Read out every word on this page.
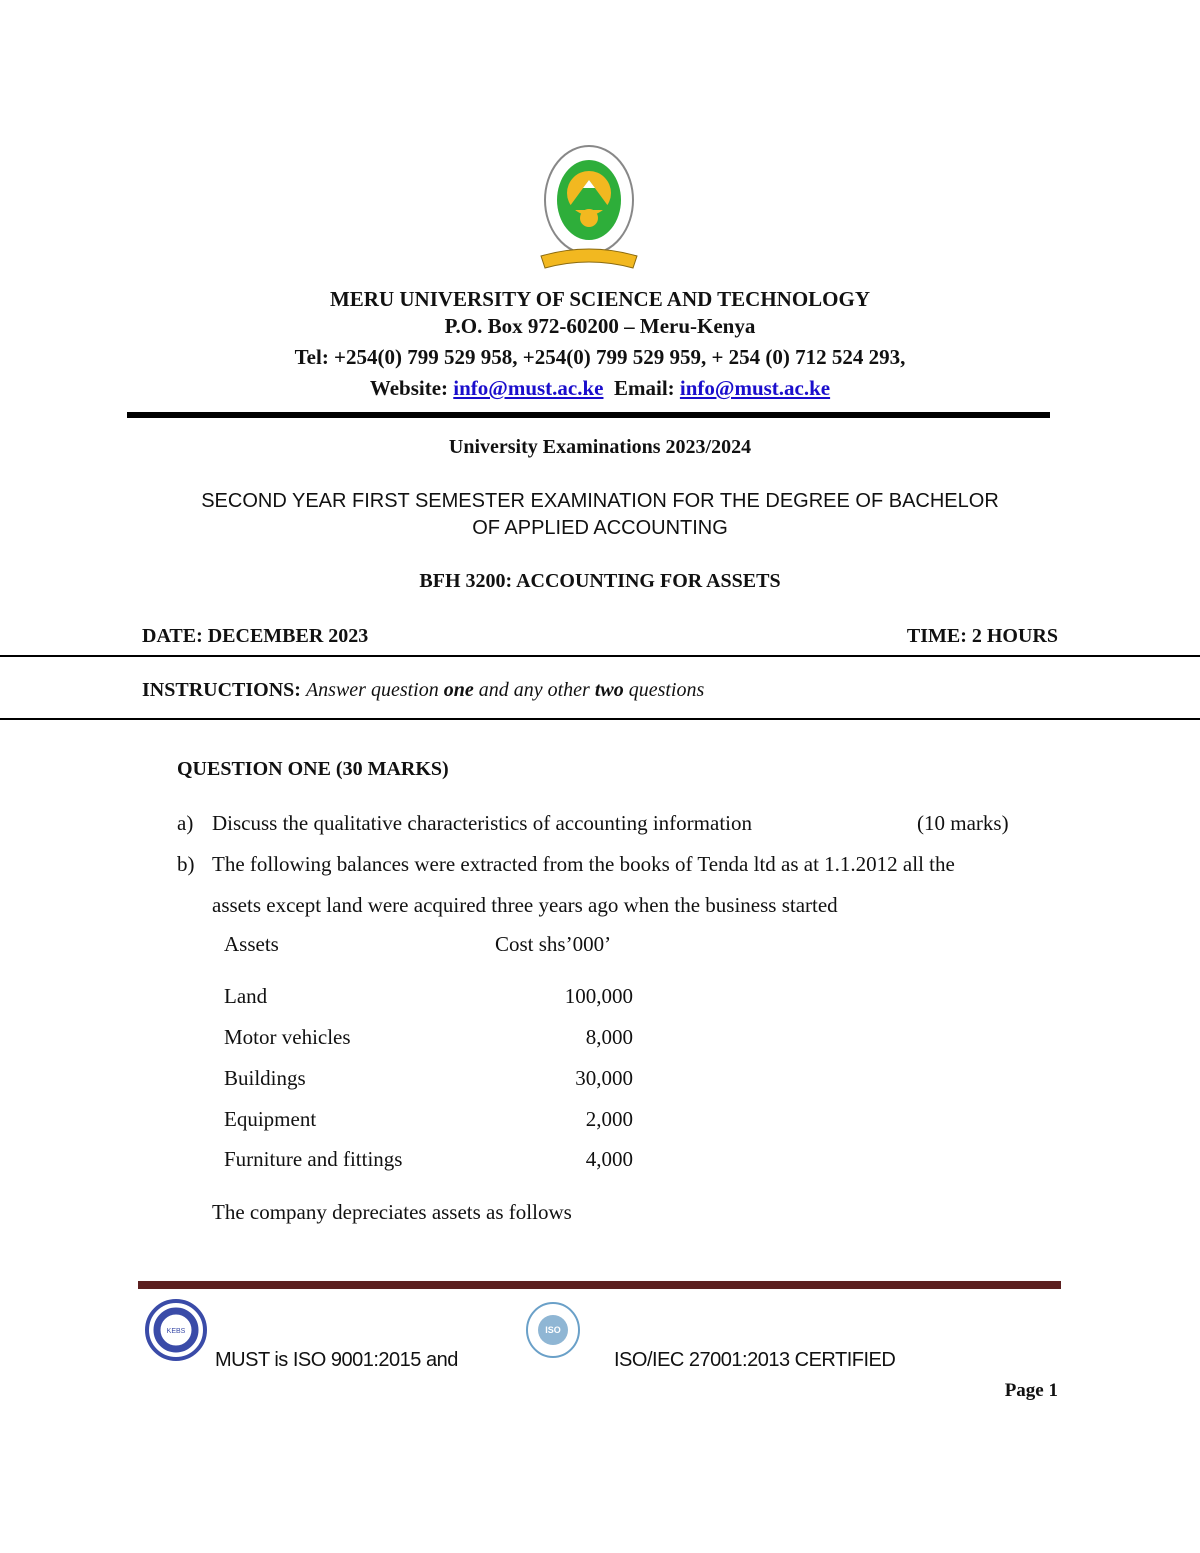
MERU UNIVERSITY OF SCIENCE AND TECHNOLOGY
P.O. Box 972-60200 – Meru-Kenya
Tel: +254(0) 799 529 958, +254(0) 799 529 959, + 254 (0) 712 524 293,
Website: info@must.ac.ke Email: info@must.ac.ke
University Examinations 2023/2024
SECOND YEAR FIRST SEMESTER EXAMINATION FOR THE DEGREE OF BACHELOR
OF APPLIED ACCOUNTING
BFH 3200: ACCOUNTING FOR ASSETS
DATE: DECEMBER 2023	TIME: 2 HOURS
INSTRUCTIONS: Answer question one and any other two questions
QUESTION ONE (30 MARKS)
a) Discuss the qualitative characteristics of accounting information	(10 marks)
b) The following balances were extracted from the books of Tenda ltd as at 1.1.2012 all the
assets except land were acquired three years ago when the business started
Assets	Cost shs’000’
Land	100,000
Motor vehicles	8,000
Buildings	30,000
Equipment	2,000
Furniture and fittings	4,000
The company depreciates assets as follows
KEBS	ISO
MUST is ISO 9001:2015 and	ISO/IEC 27001:2013 CERTIFIED
Page 1
